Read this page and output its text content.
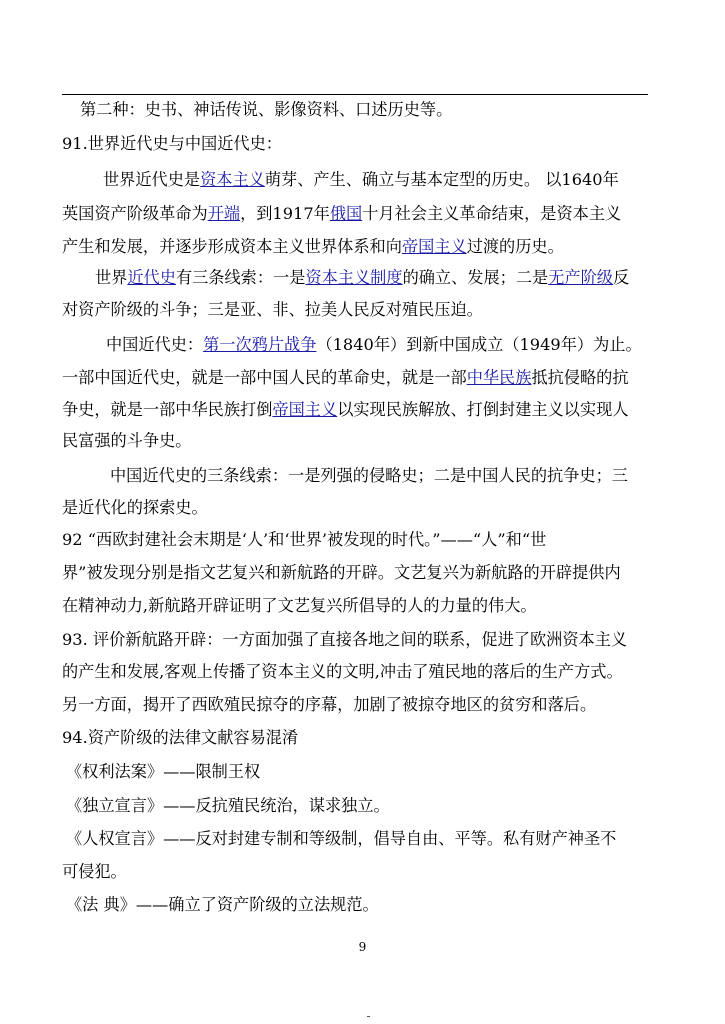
第二种：史书、神话传说、影像资料、口述历史等。
91.世界近代史与中国近代史：
世界近代史是资本主义萌芽、产生、确立与基本定型的历史。 以1640年
英国资产阶级革命为开端，到1917年俄国十月社会主义革命结束，是资本主义
产生和发展，并逐步形成资本主义世界体系和向帝国主义过渡的历史。
世界近代史有三条线索：一是资本主义制度的确立、发展；二是无产阶级反
对资产阶级的斗争；三是亚、非、拉美人民反对殖民压迫。
中国近代史：第一次鸦片战争（1840年）到新中国成立（1949年）为止。
一部中国近代史，就是一部中国人民的革命史，就是一部中华民族抵抗侵略的抗
争史，就是一部中华民族打倒帝国主义以实现民族解放、打倒封建主义以实现人
民富强的斗争史。
中国近代史的三条线索：一是列强的侵略史；二是中国人民的抗争史；三
是近代化的探索史。
92 “西欧封建社会末期是‘人’和‘世界’被发现的时代。”——“人”和“世
界”被发现分别是指文艺复兴和新航路的开辟。文艺复兴为新航路的开辟提供内
在精神动力,新航路开辟证明了文艺复兴所倡导的人的力量的伟大。
93. 评价新航路开辟：一方面加强了直接各地之间的联系，促进了欧洲资本主义
的产生和发展,客观上传播了资本主义的文明,冲击了殖民地的落后的生产方式。
另一方面，揭开了西欧殖民掠夺的序幕，加剧了被掠夺地区的贫穷和落后。
94.资产阶级的法律文献容易混淆
《权利法案》——限制王权
《独立宣言》——反抗殖民统治，谋求独立。
《人权宣言》——反对封建专制和等级制，倡导自由、平等。私有财产神圣不
可侵犯。
《法 典》——确立了资产阶级的立法规范。
9
